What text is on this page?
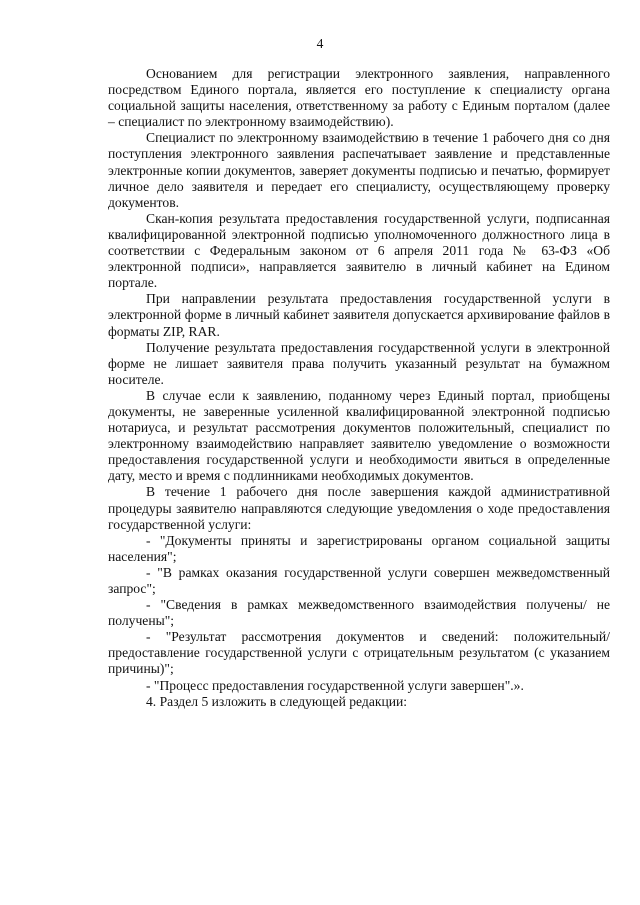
4

Основанием для регистрации электронного заявления, направленного посредством Единого портала, является его поступление к специалисту органа социальной защиты населения, ответственному за работу с Единым порталом (далее – специалист по электронному взаимодействию).

Специалист по электронному взаимодействию в течение 1 рабочего дня со дня поступления электронного заявления распечатывает заявление и представленные электронные копии документов, заверяет документы подписью и печатью, формирует личное дело заявителя и передает его специалисту, осуществляющему проверку документов.

Скан-копия результата предоставления государственной услуги, подписанная квалифицированной электронной подписью уполномоченного должностного лица в соответствии с Федеральным законом от 6 апреля 2011 года № 63-ФЗ «Об электронной подписи», направляется заявителю в личный кабинет на Едином портале.

При направлении результата предоставления государственной услуги в электронной форме в личный кабинет заявителя допускается архивирование файлов в форматы ZIP, RAR.

Получение результата предоставления государственной услуги в электронной форме не лишает заявителя права получить указанный результат на бумажном носителе.

В случае если к заявлению, поданному через Единый портал, приобщены документы, не заверенные усиленной квалифицированной электронной подписью нотариуса, и результат рассмотрения документов положительный, специалист по электронному взаимодействию направляет заявителю уведомление о возможности предоставления государственной услуги и необходимости явиться в определенные дату, место и время с подлинниками необходимых документов.

В течение 1 рабочего дня после завершения каждой административной процедуры заявителю направляются следующие уведомления о ходе предоставления государственной услуги:

- "Документы приняты и зарегистрированы органом социальной защиты населения";

- "В рамках оказания государственной услуги совершен межведомственный запрос";

- "Сведения в рамках межведомственного взаимодействия получены/ не получены";

- "Результат рассмотрения документов и сведений: положительный/ предоставление государственной услуги с отрицательным результатом (с указанием причины)";

- "Процесс предоставления государственной услуги завершен".».

4. Раздел 5 изложить в следующей редакции:
